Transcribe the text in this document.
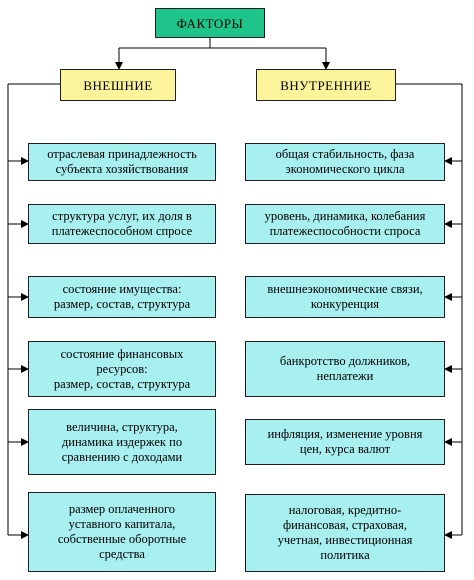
ФАКТОРЫ
ВНЕШНИЕ	ВНУТРЕННИЕ
отраслевая принадлежность
субъекта хозяйствования
структура услуг, их доля в
платежеспособном спросе
состояние имущества:
размер, состав, структура
состояние финансовых
ресурсов:
размер, состав, структура
величина, структура,
динамика издержек по
сравнению с доходами
размер оплаченного
уставного капитала,
собственные оборотные
средства
общая стабильность, фаза
экономического цикла
уровень, динамика, колебания
платежеспособности спроса
внешнеэкономические связи,
конкуренция
банкротство должников,
неплатежи
инфляция, изменение уровня
цен, курса валют
налоговая, кредитно-
финансовая, страховая,
учетная, инвестиционная
политика
